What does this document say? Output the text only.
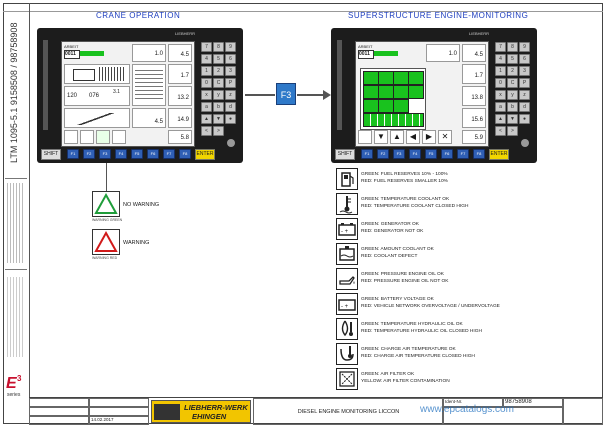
LTM 1095-5.1 9158508 / 98758908
E 3
series
CRANE OPERATION	SUPERSTRUCTURE ENGINE-MONITORING
LIEBHERR
ARBEIT
0011	1.0	4.5
1.7
13.2
120 076
3.1
4.5 14.9
5.8
7	8	9
4	5	6
1	2	3
0	C	P
x	y	z
a	b	d
▲	▼	●
<	>
SHIFT	F1	F2	F3	F4	F5	F6	F7	F8	ENTER
F3
LIEBHERR
ARBEIT
0011	1.0	4.5
1.7
13.8
15.6
▼	▲	◀	▶	✕	5.9
7	8	9
4	5	6
1	2	3
0	C	P
x	y	z
a	b	d
▲	▼	●
<	>
SHIFT	F1	F2	F3	F4	F5	F6	F7	F8	ENTER
NO WARNING
WARNING GREEN
WARNING
WARNING RED
GREEN: FUEL RESERVES 10% - 100%
RED: FUEL RESERVES SMALLER 10%
GREEN: TEMPERATURE COOLANT OK
RED: TEMPERATURE COOLANT CLOSED HIGH
- +
GREEN: GENERATOR OK
RED: GENERATOR NOT OK
GREEN: AMOUNT COOLANT OK
RED: COOLANT DEFECT
GREEN: PRESSURE ENGINE OIL OK
RED: PRESSURE ENGINE OIL NOT OK
- +
GREEN: BATTERY VOLTAGE OK
RED: VEHICLE NETWORK OVERVOLTAGE / UNDERVOLTAGE
GREEN: TEMPERATURE HYDRAULIC OIL OK
RED: TEMPERATURE HYDRAULIC OIL CLOSED HIGH
GREEN: CHARGE AIR TEMPERATURE OK
RED: CHARGE AIR TEMPERATURE CLOSED HIGH
GREEN: AIR FILTER OK
YELLOW: AIR FILTER CONTAMINATION
14.02.2017
LIEBHERR-WERK
EHINGEN	DIESEL ENGINE MONITORING LICCON
Ident-Nr.	98758908
www.epcatalogs.com
